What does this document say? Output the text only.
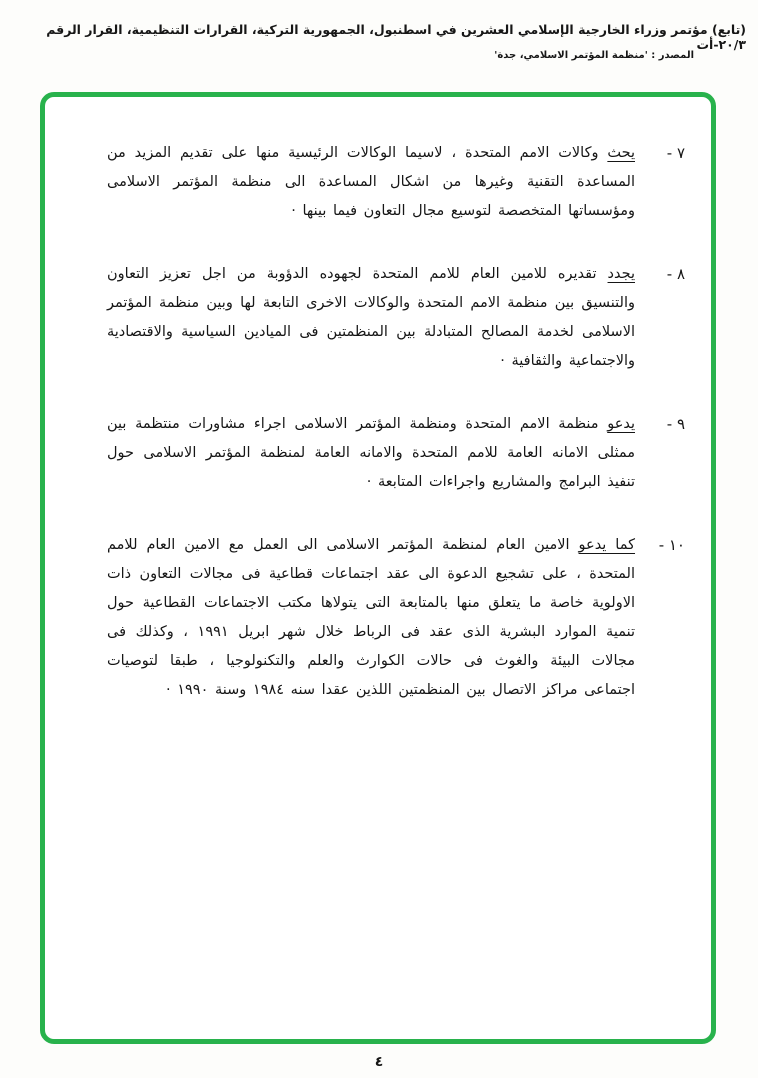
(تابع) مؤتمر وزراء الخارجية الإسلامي العشرين في اسطنبول، الجمهورية التركية، القرارات التنظيمية، القرار الرقم ٢٠/٣-أت
المصدر : 'منظمة المؤتمر الاسلامي، جدة'
٧ -
يحث وكالات الامم المتحدة ، لاسيما الوكالات الرئيسية منها على تقديم المزيد من المساعدة التقنية وغيرها من اشكال المساعدة الى منظمة المؤتمر الاسلامى ومؤسساتها المتخصصة لتوسيع مجال التعاون فيما بينها ·
٨ -
يجدد تقديره للامين العام للامم المتحدة لجهوده الدؤوبة من اجل تعزيز التعاون والتنسيق بين منظمة الامم المتحدة والوكالات الاخرى التابعة لها وبين منظمة المؤتمر الاسلامى لخدمة المصالح المتبادلة بين المنظمتين فى الميادين السياسية والاقتصادية والاجتماعية والثقافية ·
٩ -
يدعو منظمة الامم المتحدة ومنظمة المؤتمر الاسلامى اجراء مشاورات منتظمة بين ممثلى الامانه العامة للامم المتحدة والامانه العامة لمنظمة المؤتمر الاسلامى حول تنفيذ البرامج والمشاريع واجراءات المتابعة ·
١٠ -
كما يدعو الامين العام لمنظمة المؤتمر الاسلامى الى العمل مع الامين العام للامم المتحدة ، على تشجيع الدعوة الى عقد اجتماعات قطاعية فى مجالات التعاون ذات الاولوية خاصة ما يتعلق منها بالمتابعة التى يتولاها مكتب الاجتماعات القطاعية حول تنمية الموارد البشرية الذى عقد فى الرباط خلال شهر ابريل ١٩٩١ ، وكذلك فى مجالات البيئة والغوث فى حالات الكوارث والعلم والتكنولوجيا ، طبقا لتوصيات اجتماعى مراكز الاتصال بين المنظمتين اللذين عقدا سنه ١٩٨٤ وسنة ١٩٩٠ ·
٤
